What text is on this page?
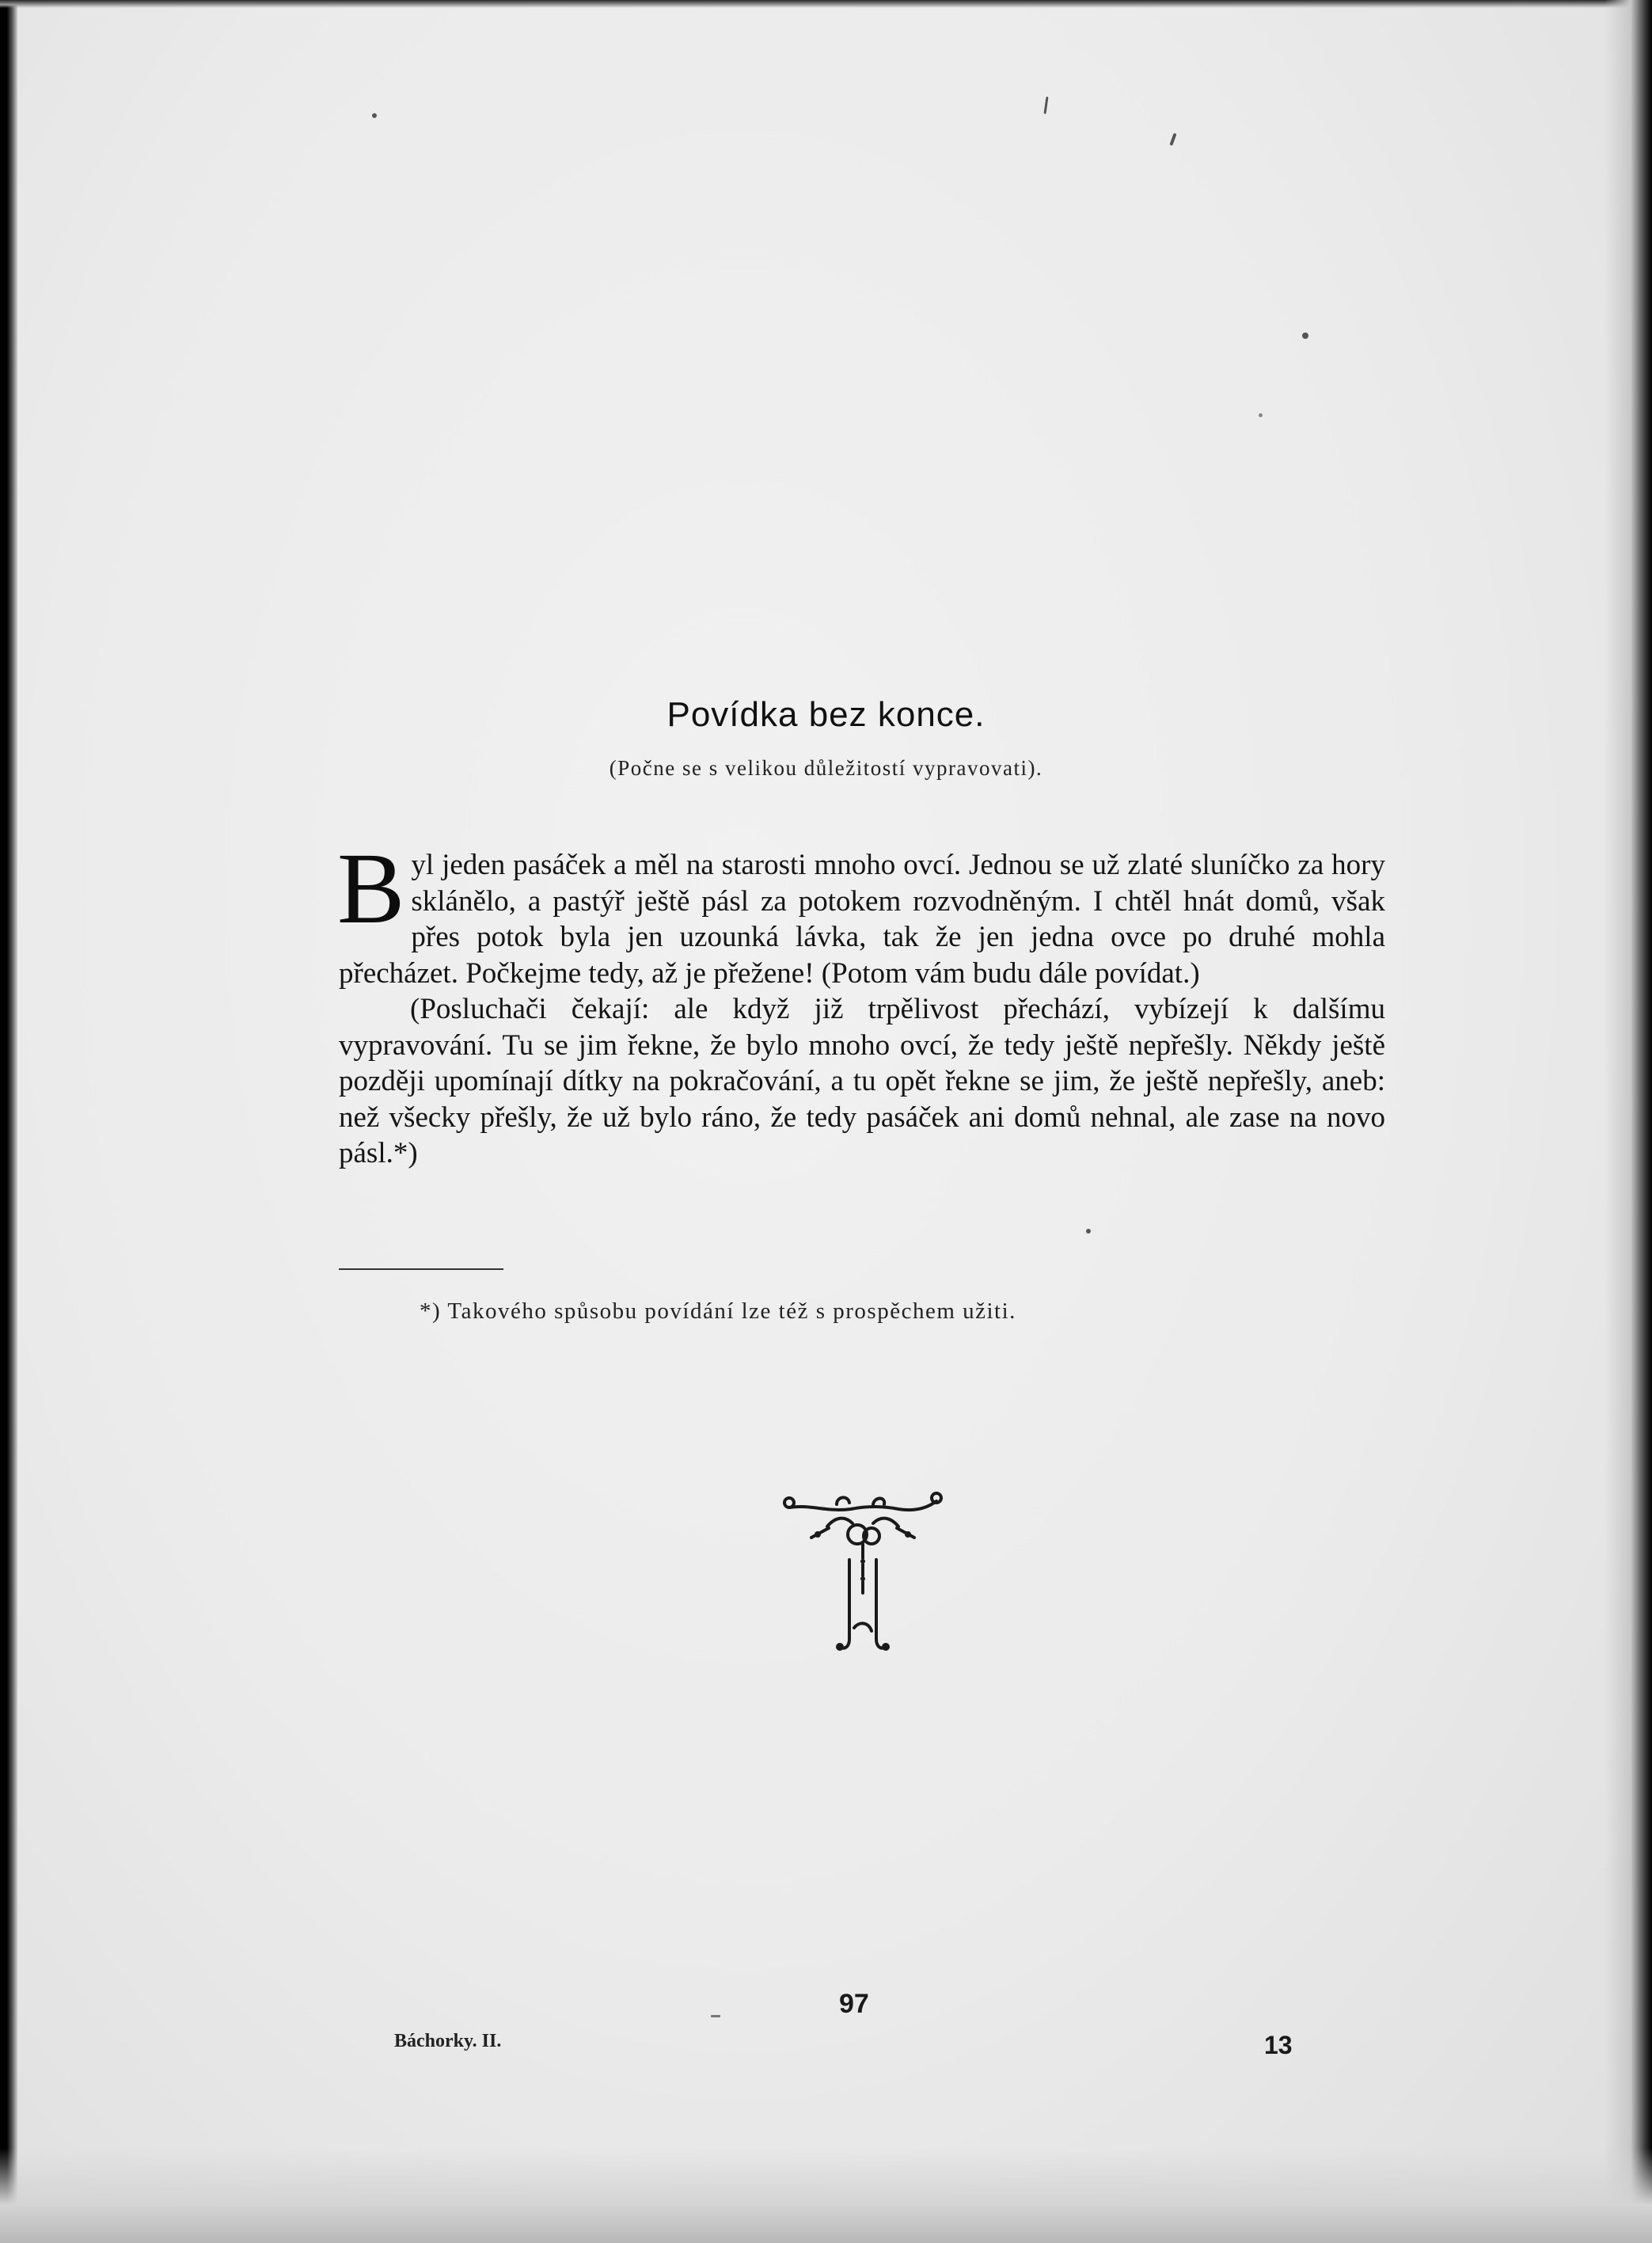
Povídka bez konce.
(Počne se s velikou důležitostí vypravovati).

Byl jeden pasáček a měl na starosti mnoho ovcí. Jednou se už zlaté sluníčko za hory sklánělo, a pastýř ještě pásl za potokem rozvodněným. I chtěl hnát domů, však přes potok byla jen uzounká lávka, tak že jen jedna ovce po druhé mohla přecházet. Počkejme tedy, až je přežene! (Potom vám budu dále povídat.)

(Posluchači čekají: ale když již trpělivost přechází, vybízejí k dalšímu vypravování. Tu se jim řekne, že bylo mnoho ovcí, že tedy ještě nepřešly. Někdy ještě později upomínají dítky na pokračování, a tu opět řekne se jim, že ještě nepřešly, aneb: než všecky přešly, že už bylo ráno, že tedy pasáček ani domů nehnal, ale zase na novo pásl.*)

*) Takového spůsobu povídání lze též s prospěchem užiti.
Báchorky. II.
97
13
